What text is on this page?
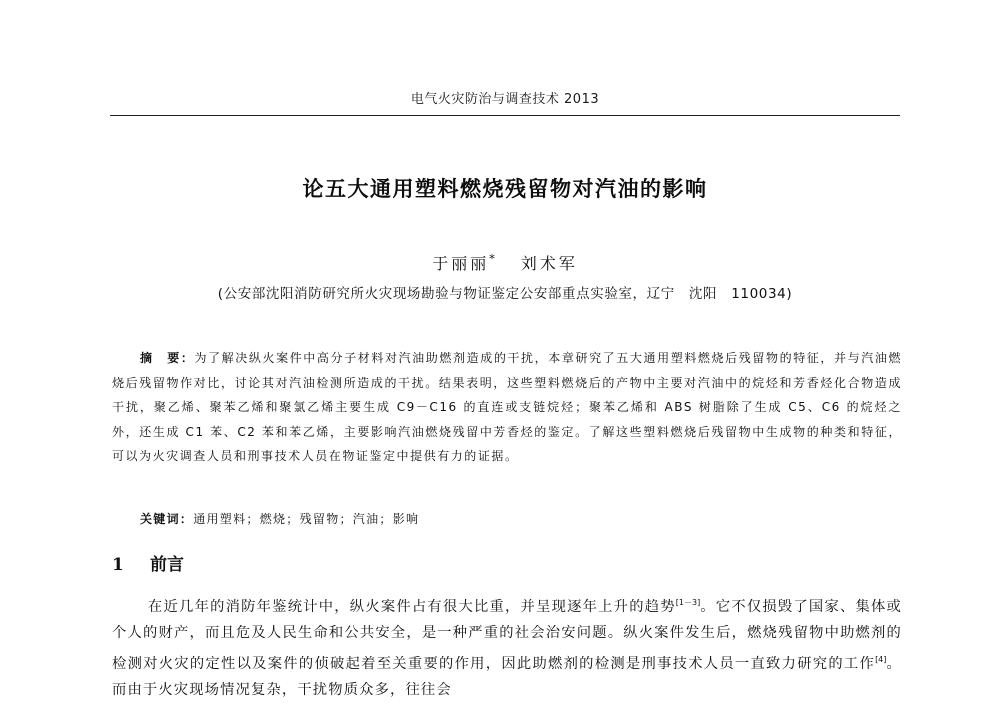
电气火灾防治与调查技术 2013
论五大通用塑料燃烧残留物对汽油的影响
于丽丽* 刘术军
(公安部沈阳消防研究所火灾现场勘验与物证鉴定公安部重点实验室，辽宁　沈阳　110034)
摘　要：为了解决纵火案件中高分子材料对汽油助燃剂造成的干扰，本章研究了五大通用塑料燃烧后残留物的特征，并与汽油燃烧后残留物作对比，讨论其对汽油检测所造成的干扰。结果表明，这些塑料燃烧后的产物中主要对汽油中的烷烃和芳香烃化合物造成干扰，聚乙烯、聚苯乙烯和聚氯乙烯主要生成 C9－C16 的直连或支链烷烃；聚苯乙烯和 ABS 树脂除了生成 C5、C6 的烷烃之外，还生成 C1 苯、C2 苯和苯乙烯，主要影响汽油燃烧残留中芳香烃的鉴定。了解这些塑料燃烧后残留物中生成物的种类和特征，可以为火灾调查人员和刑事技术人员在物证鉴定中提供有力的证据。
关键词：通用塑料；燃烧；残留物；汽油；影响
1 前言
在近几年的消防年鉴统计中，纵火案件占有很大比重，并呈现逐年上升的趋势[1－3]。它不仅损毁了国家、集体或个人的财产，而且危及人民生命和公共安全，是一种严重的社会治安问题。纵火案件发生后，燃烧残留物中助燃剂的检测对火灾的定性以及案件的侦破起着至关重要的作用，因此助燃剂的检测是刑事技术人员一直致力研究的工作[4]。而由于火灾现场情况复杂，干扰物质众多，往往会
